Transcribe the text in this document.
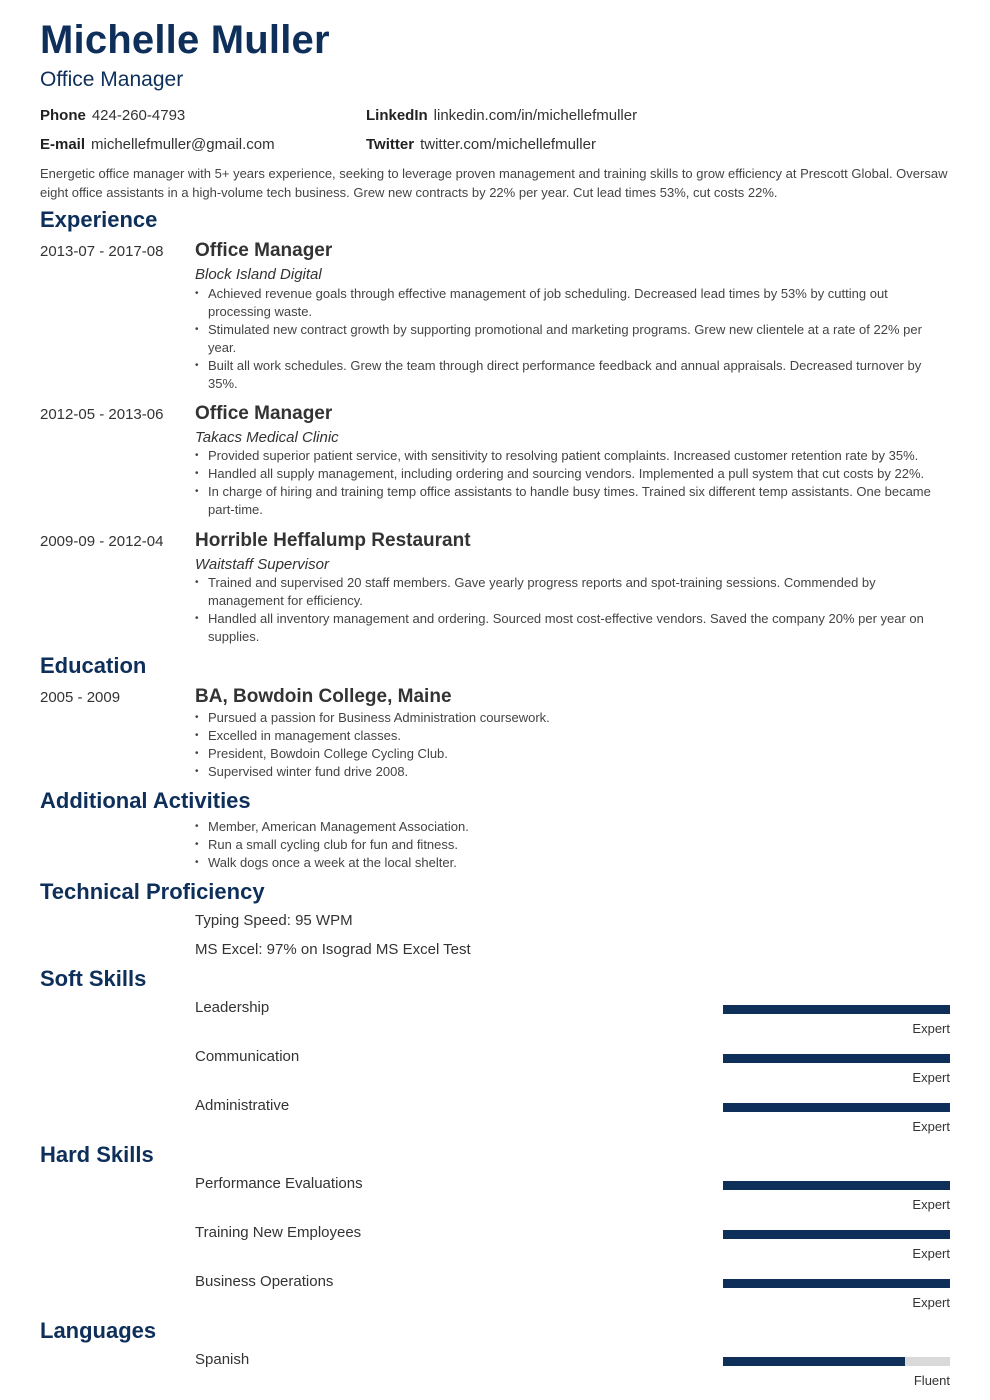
Michelle Muller
Office Manager
Phone 424-260-4793
E-mail michellefmuller@gmail.com
LinkedIn linkedin.com/in/michellefmuller
Twitter twitter.com/michellefmuller
Energetic office manager with 5+ years experience, seeking to leverage proven management and training skills to grow efficiency at Prescott Global. Oversaw eight office assistants in a high-volume tech business. Grew new contracts by 22% per year. Cut lead times 53%, cut costs 22%.
Experience
2013-07 - 2017-08 Office Manager
Block Island Digital
• Achieved revenue goals through effective management of job scheduling. Decreased lead times by 53% by cutting out processing waste.
• Stimulated new contract growth by supporting promotional and marketing programs. Grew new clientele at a rate of 22% per year.
• Built all work schedules. Grew the team through direct performance feedback and annual appraisals. Decreased turnover by 35%.
2012-05 - 2013-06 Office Manager
Takacs Medical Clinic
• Provided superior patient service, with sensitivity to resolving patient complaints. Increased customer retention rate by 35%.
• Handled all supply management, including ordering and sourcing vendors. Implemented a pull system that cut costs by 22%.
• In charge of hiring and training temp office assistants to handle busy times. Trained six different temp assistants. One became part-time.
2009-09 - 2012-04 Horrible Heffalump Restaurant
Waitstaff Supervisor
• Trained and supervised 20 staff members. Gave yearly progress reports and spot-training sessions. Commended by management for efficiency.
• Handled all inventory management and ordering. Sourced most cost-effective vendors. Saved the company 20% per year on supplies.
Education
2005 - 2009	BA, Bowdoin College, Maine
• Pursued a passion for Business Administration coursework.
• Excelled in management classes.
• President, Bowdoin College Cycling Club.
• Supervised winter fund drive 2008.
Additional Activities
• Member, American Management Association.
• Run a small cycling club for fun and fitness.
• Walk dogs once a week at the local shelter.
Technical Proficiency
Typing Speed: 95 WPM
MS Excel: 97% on Isograd MS Excel Test
Soft Skills
Leadership
Expert
Communication
Expert
Administrative
Expert
Hard Skills
Performance Evaluations
Expert
Training New Employees
Expert
Business Operations
Expert
Languages
Spanish
Fluent
